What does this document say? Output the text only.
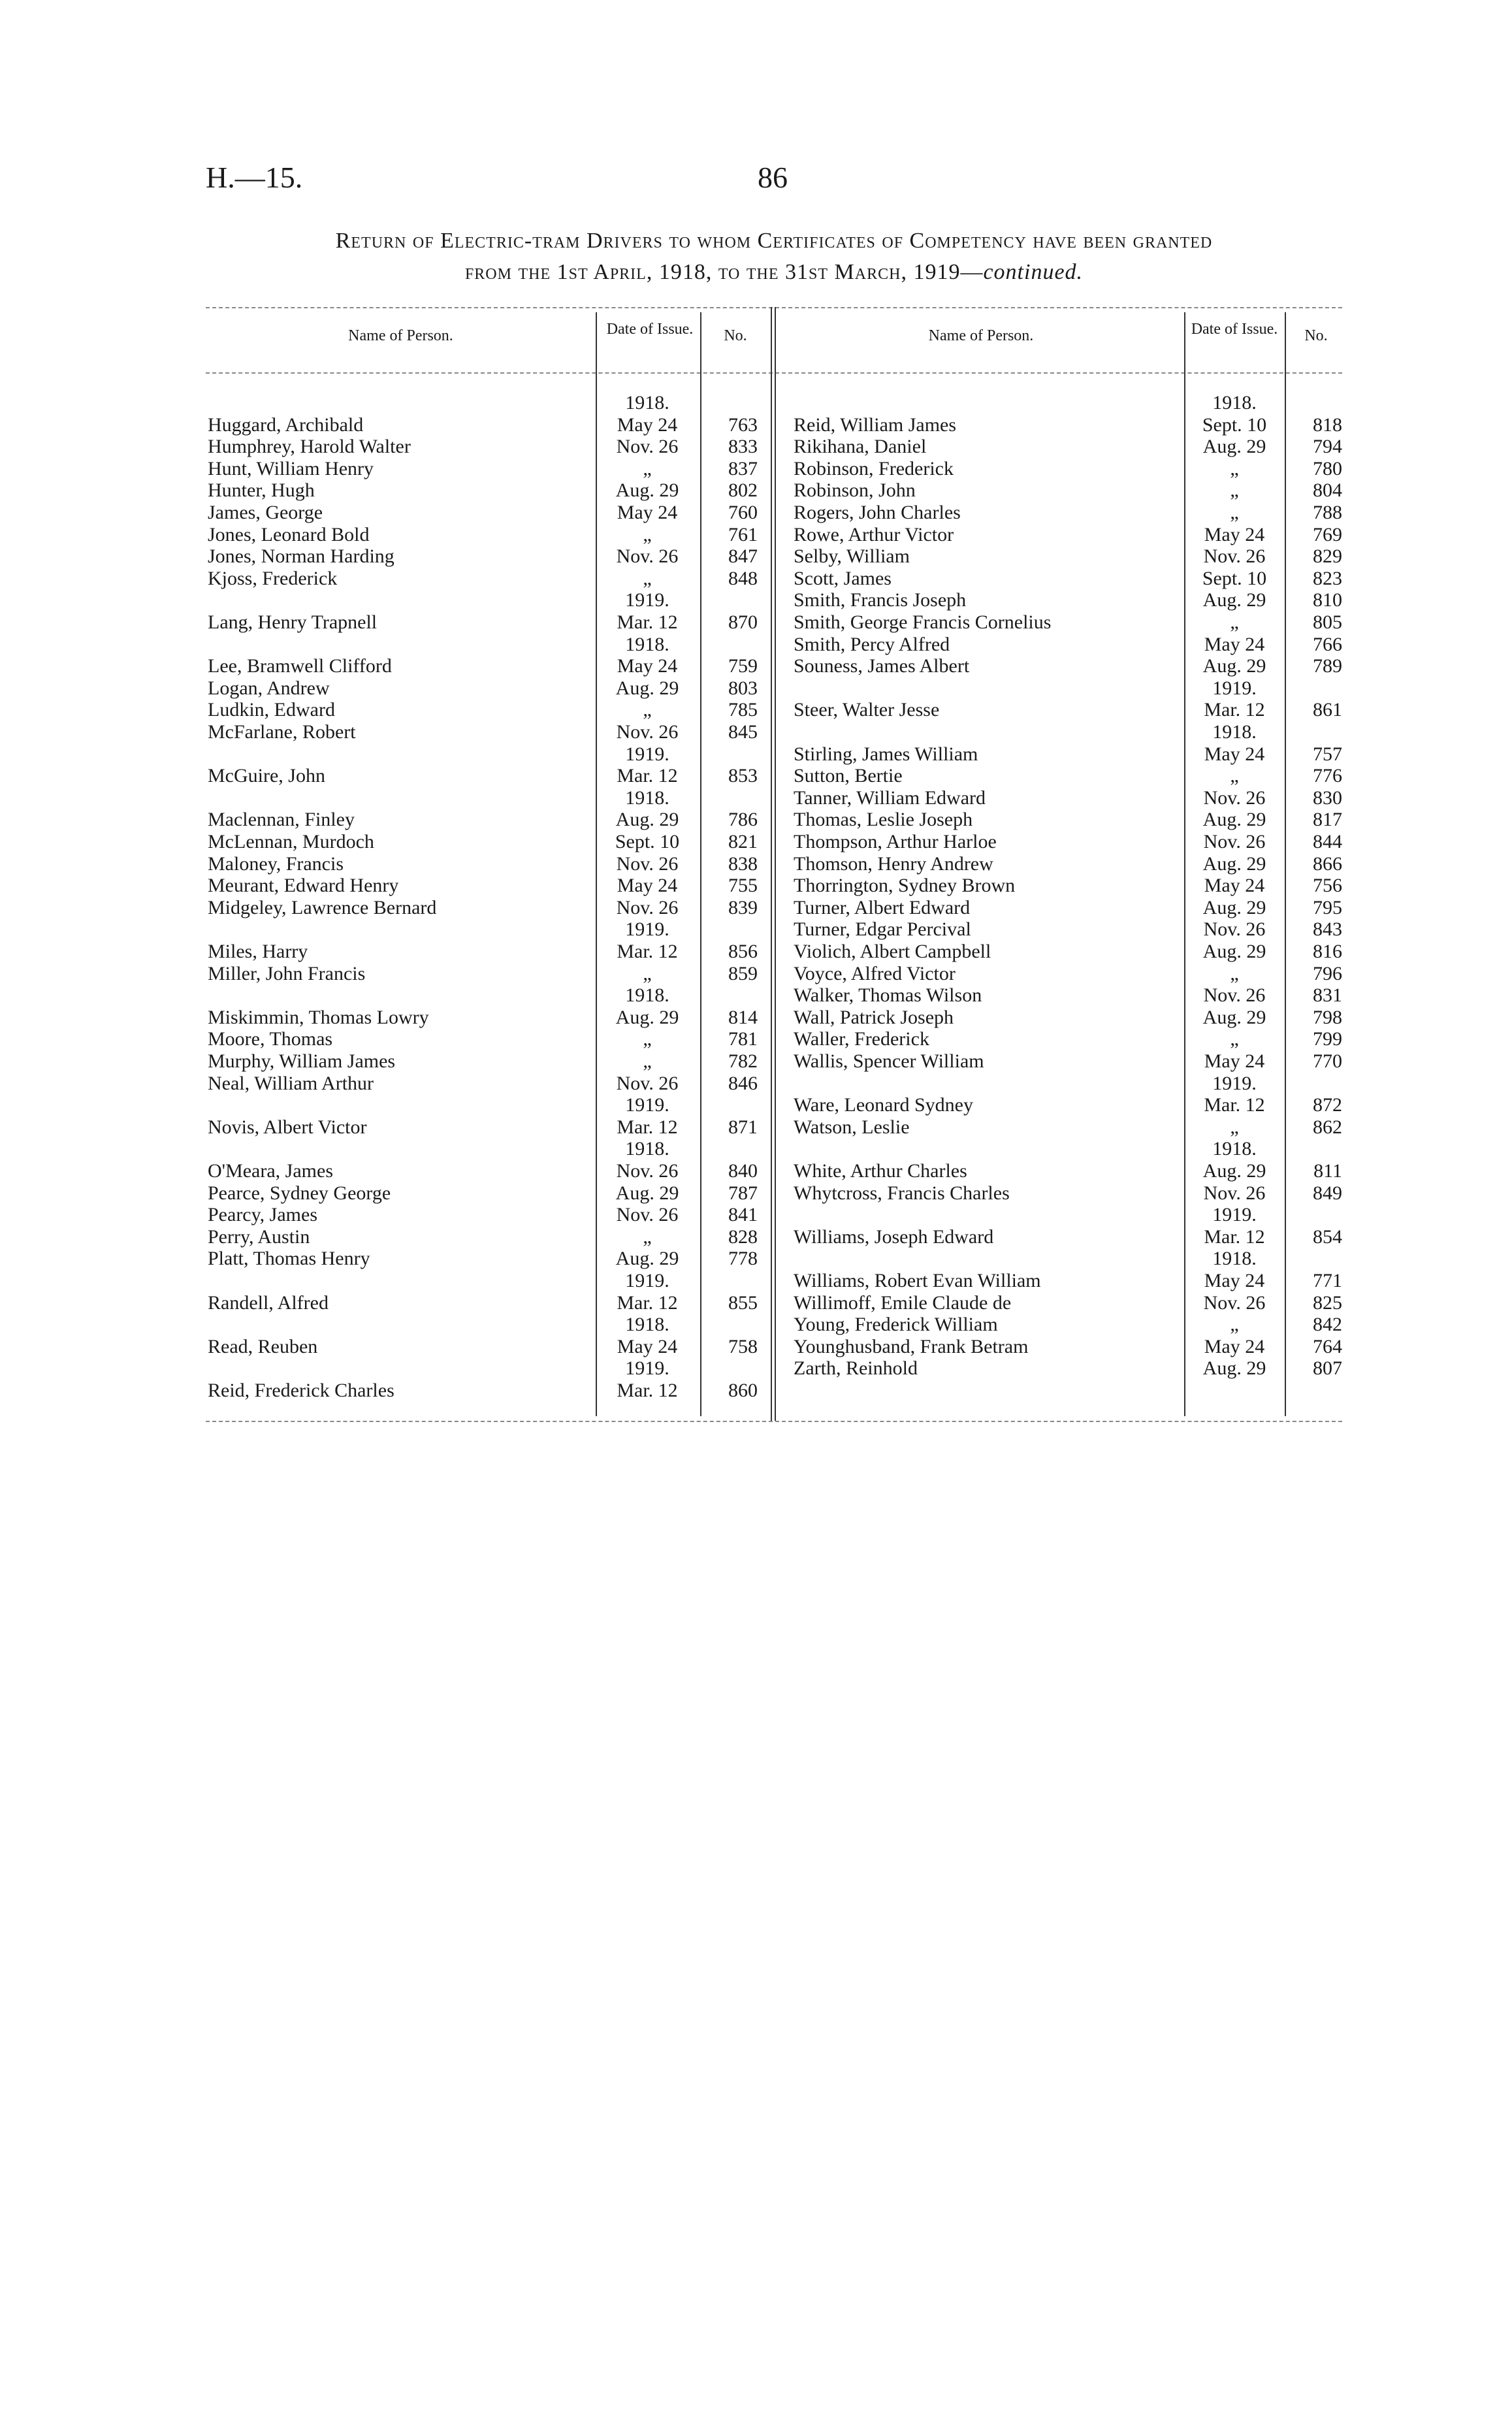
H.—15.	86
Return of Electric-tram Drivers to whom Certificates of Competency have been granted
from the 1st April, 1918, to the 31st March, 1919—continued.
Name of Person.	Date of Issue.	No.	Name of Person.	Date of Issue.	No.
1918.
Huggard, Archibald	May 24	763
Humphrey, Harold Walter	Nov. 26	833
Hunt, William Henry	„	837
Hunter, Hugh	Aug. 29	802
James, George	May 24	760
Jones, Leonard Bold	„	761
Jones, Norman Harding	Nov. 26	847
Kjoss, Frederick	„	848
1919.
Lang, Henry Trapnell	Mar. 12	870
1918.
Lee, Bramwell Clifford	May 24	759
Logan, Andrew	Aug. 29	803
Ludkin, Edward	„	785
McFarlane, Robert	Nov. 26	845
1919.
McGuire, John	Mar. 12	853
1918.
Maclennan, Finley	Aug. 29	786
McLennan, Murdoch	Sept. 10	821
Maloney, Francis	Nov. 26	838
Meurant, Edward Henry	May 24	755
Midgeley, Lawrence Bernard	Nov. 26	839
1919.
Miles, Harry	Mar. 12	856
Miller, John Francis	„	859
1918.
Miskimmin, Thomas Lowry	Aug. 29	814
Moore, Thomas	„	781
Murphy, William James	„	782
Neal, William Arthur	Nov. 26	846
1919.
Novis, Albert Victor	Mar. 12	871
1918.
O'Meara, James	Nov. 26	840
Pearce, Sydney George	Aug. 29	787
Pearcy, James	Nov. 26	841
Perry, Austin	„	828
Platt, Thomas Henry	Aug. 29	778
1919.
Randell, Alfred	Mar. 12	855
1918.
Read, Reuben	May 24	758
1919.
Reid, Frederick Charles	Mar. 12	860
1918.
Reid, William James	Sept. 10	818
Rikihana, Daniel	Aug. 29	794
Robinson, Frederick	„	780
Robinson, John	„	804
Rogers, John Charles	„	788
Rowe, Arthur Victor	May 24	769
Selby, William	Nov. 26	829
Scott, James	Sept. 10	823
Smith, Francis Joseph	Aug. 29	810
Smith, George Francis Cornelius	„	805
Smith, Percy Alfred	May 24	766
Souness, James Albert	Aug. 29	789
1919.
Steer, Walter Jesse	Mar. 12	861
1918.
Stirling, James William	May 24	757
Sutton, Bertie	„	776
Tanner, William Edward	Nov. 26	830
Thomas, Leslie Joseph	Aug. 29	817
Thompson, Arthur Harloe	Nov. 26	844
Thomson, Henry Andrew	Aug. 29	866
Thorrington, Sydney Brown	May 24	756
Turner, Albert Edward	Aug. 29	795
Turner, Edgar Percival	Nov. 26	843
Violich, Albert Campbell	Aug. 29	816
Voyce, Alfred Victor	„	796
Walker, Thomas Wilson	Nov. 26	831
Wall, Patrick Joseph	Aug. 29	798
Waller, Frederick	„	799
Wallis, Spencer William	May 24	770
1919.
Ware, Leonard Sydney	Mar. 12	872
Watson, Leslie	„	862
1918.
White, Arthur Charles	Aug. 29	811
Whytcross, Francis Charles	Nov. 26	849
1919.
Williams, Joseph Edward	Mar. 12	854
1918.
Williams, Robert Evan William	May 24	771
Willimoff, Emile Claude de	Nov. 26	825
Young, Frederick William	„	842
Younghusband, Frank Betram	May 24	764
Zarth, Reinhold	Aug. 29	807
